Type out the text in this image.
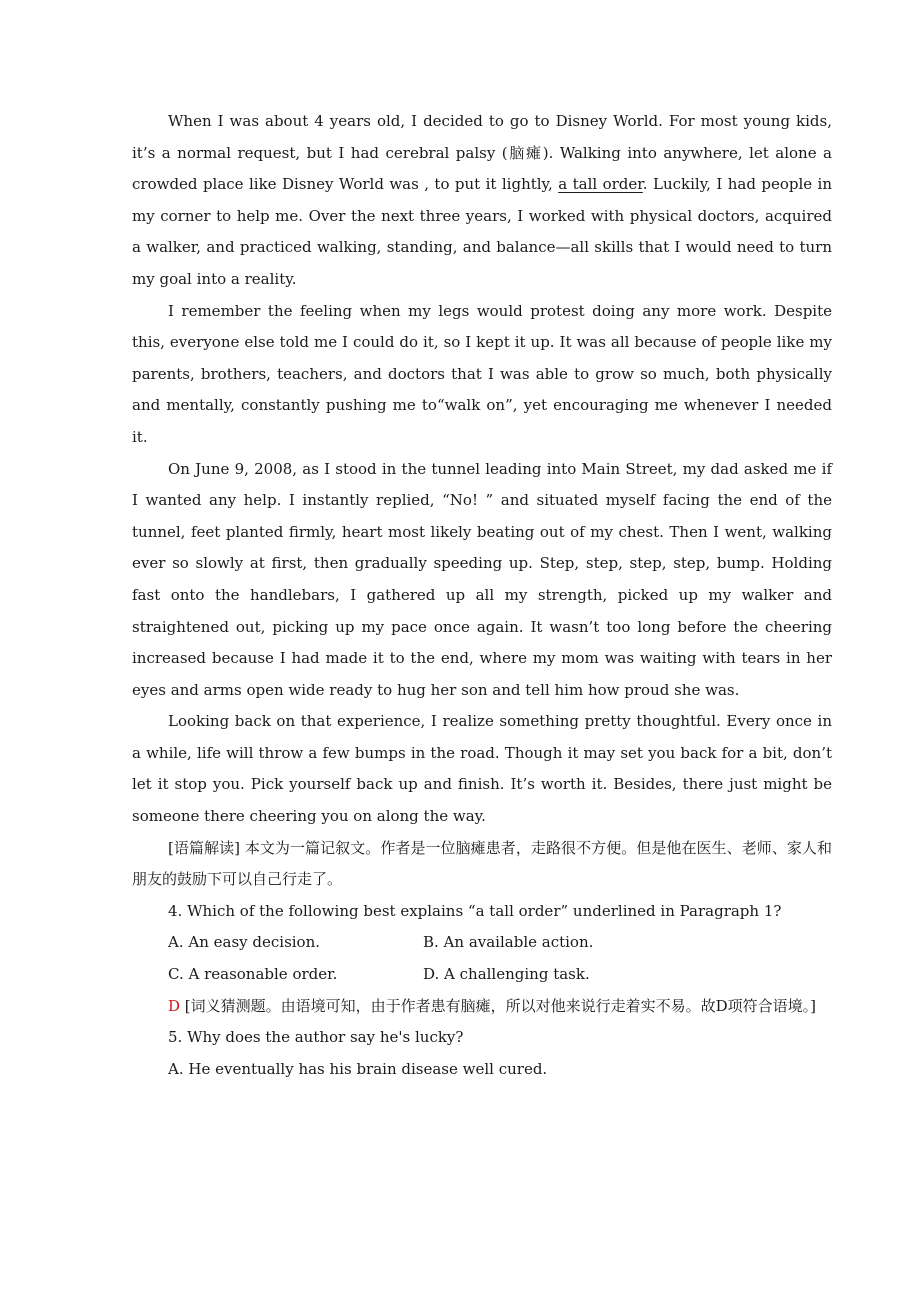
When I was about 4 years old, I decided to go to Disney World. For most young kids, it’s a normal request, but I had cerebral palsy (脑瘫). Walking into anywhere, let alone a crowded place like Disney World was , to put it lightly, a tall order. Luckily, I had people in my corner to help me. Over the next three years, I worked with physical doctors, acquired a walker, and practiced walking, standing, and balance—all skills that I would need to turn my goal into a reality.

I remember the feeling when my legs would protest doing any more work. Despite this, everyone else told me I could do it, so I kept it up. It was all because of people like my parents, brothers, teachers, and doctors that I was able to grow so much, both physically and mentally, constantly pushing me to“walk on”, yet encouraging me whenever I needed it.

On June 9, 2008, as I stood in the tunnel leading into Main Street, my dad asked me if I wanted any help. I instantly replied, “No! ” and situated myself facing the end of the tunnel, feet planted firmly, heart most likely beating out of my chest. Then I went, walking ever so slowly at first, then gradually speeding up. Step, step, step, step, bump. Holding fast onto the handlebars, I gathered up all my strength, picked up my walker and straightened out, picking up my pace once again. It wasn’t too long before the cheering increased because I had made it to the end, where my mom was waiting with tears in her eyes and arms open wide ready to hug her son and tell him how proud she was.

Looking back on that experience, I realize something pretty thoughtful. Every once in a while, life will throw a few bumps in the road. Though it may set you back for a bit, don’t let it stop you. Pick yourself back up and finish. It’s worth it. Besides, there just might be someone there cheering you on along the way.

[语篇解读] 本文为一篇记叙文。作者是一位脑瘫患者，走路很不方便。但是他在医生、老师、家人和朋友的鼓励下可以自己行走了。

4. Which of the following best explains “a tall order” underlined in Paragraph 1?

A. An easy decision.	B. An available action.
C. A reasonable order.	D. A challenging task.

D [词义猜测题。由语境可知，由于作者患有脑瘫，所以对他来说行走着实不易。故D项符合语境。]

5. Why does the author say he's lucky?

A. He eventually has his brain disease well cured.
